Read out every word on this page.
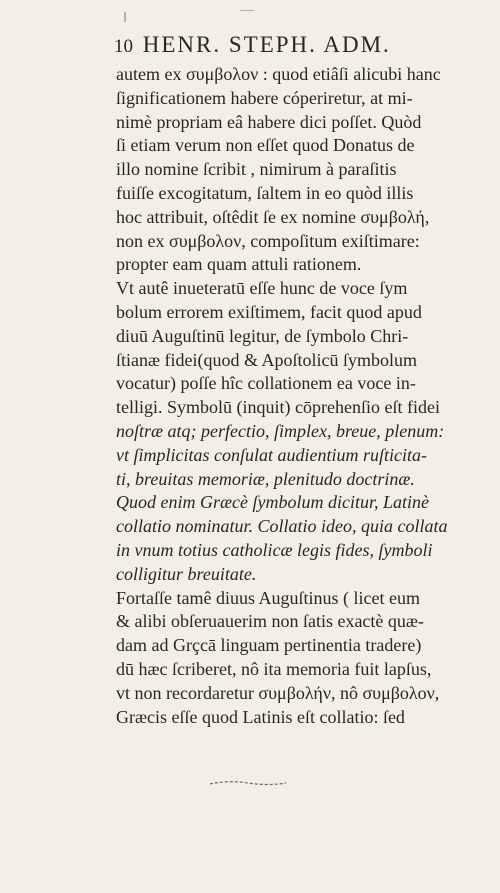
10 HENR. STEPH. ADM.
autem ex συμβολον : quod etiâſi alicubi hanc
ſignificationem habere cóperiretur, at mi-
nimè propriam eâ habere dici poſſet. Quòd
ſi etiam verum non eſſet quod Donatus de
illo nomine ſcribit , nimirum à paraſitis
fuiſſe excogitatum, ſaltem in eo quòd illis
hoc attribuit, oſtêdit ſe ex nomine συμβολή,
non ex συμβολον, compoſitum exiſtimare:
propter eam quam attuli rationem.
Vt autê inueteratū eſſe hunc de voce ſym
bolum errorem exiſtimem, facit quod apud
diuū Auguſtinū legitur, de ſymbolo Chri-
ſtianæ fidei(quod & Apoſtolicū ſymbolum
vocatur) poſſe hîc collationem ea voce in-
telligi. Symbolū (inquit) cōprehenſio eſt fidei
noſtræ atq; perfectio, ſimplex, breue, plenum:
vt ſimplicitas conſulat audientium ruſticita-
ti, breuitas memoriæ, plenitudo doctrinæ.
Quod enim Græcè ſymbolum dicitur, Latinè
collatio nominatur. Collatio ideo, quia collata
in vnum totius catholicæ legis fides, ſymboli
colligitur breuitate.
Fortaſſe tamê diuus Auguſtinus ( licet eum
& alibi obſeruauerim non ſatis exactè quæ-
dam ad Grçcā linguam pertinentia tradere)
dū hæc ſcriberet, nô ita memoria fuit lapſus,
vt non recordaretur συμβολήν, nô συμβολον,
Græcis eſſe quod Latinis eſt collatio: ſed
